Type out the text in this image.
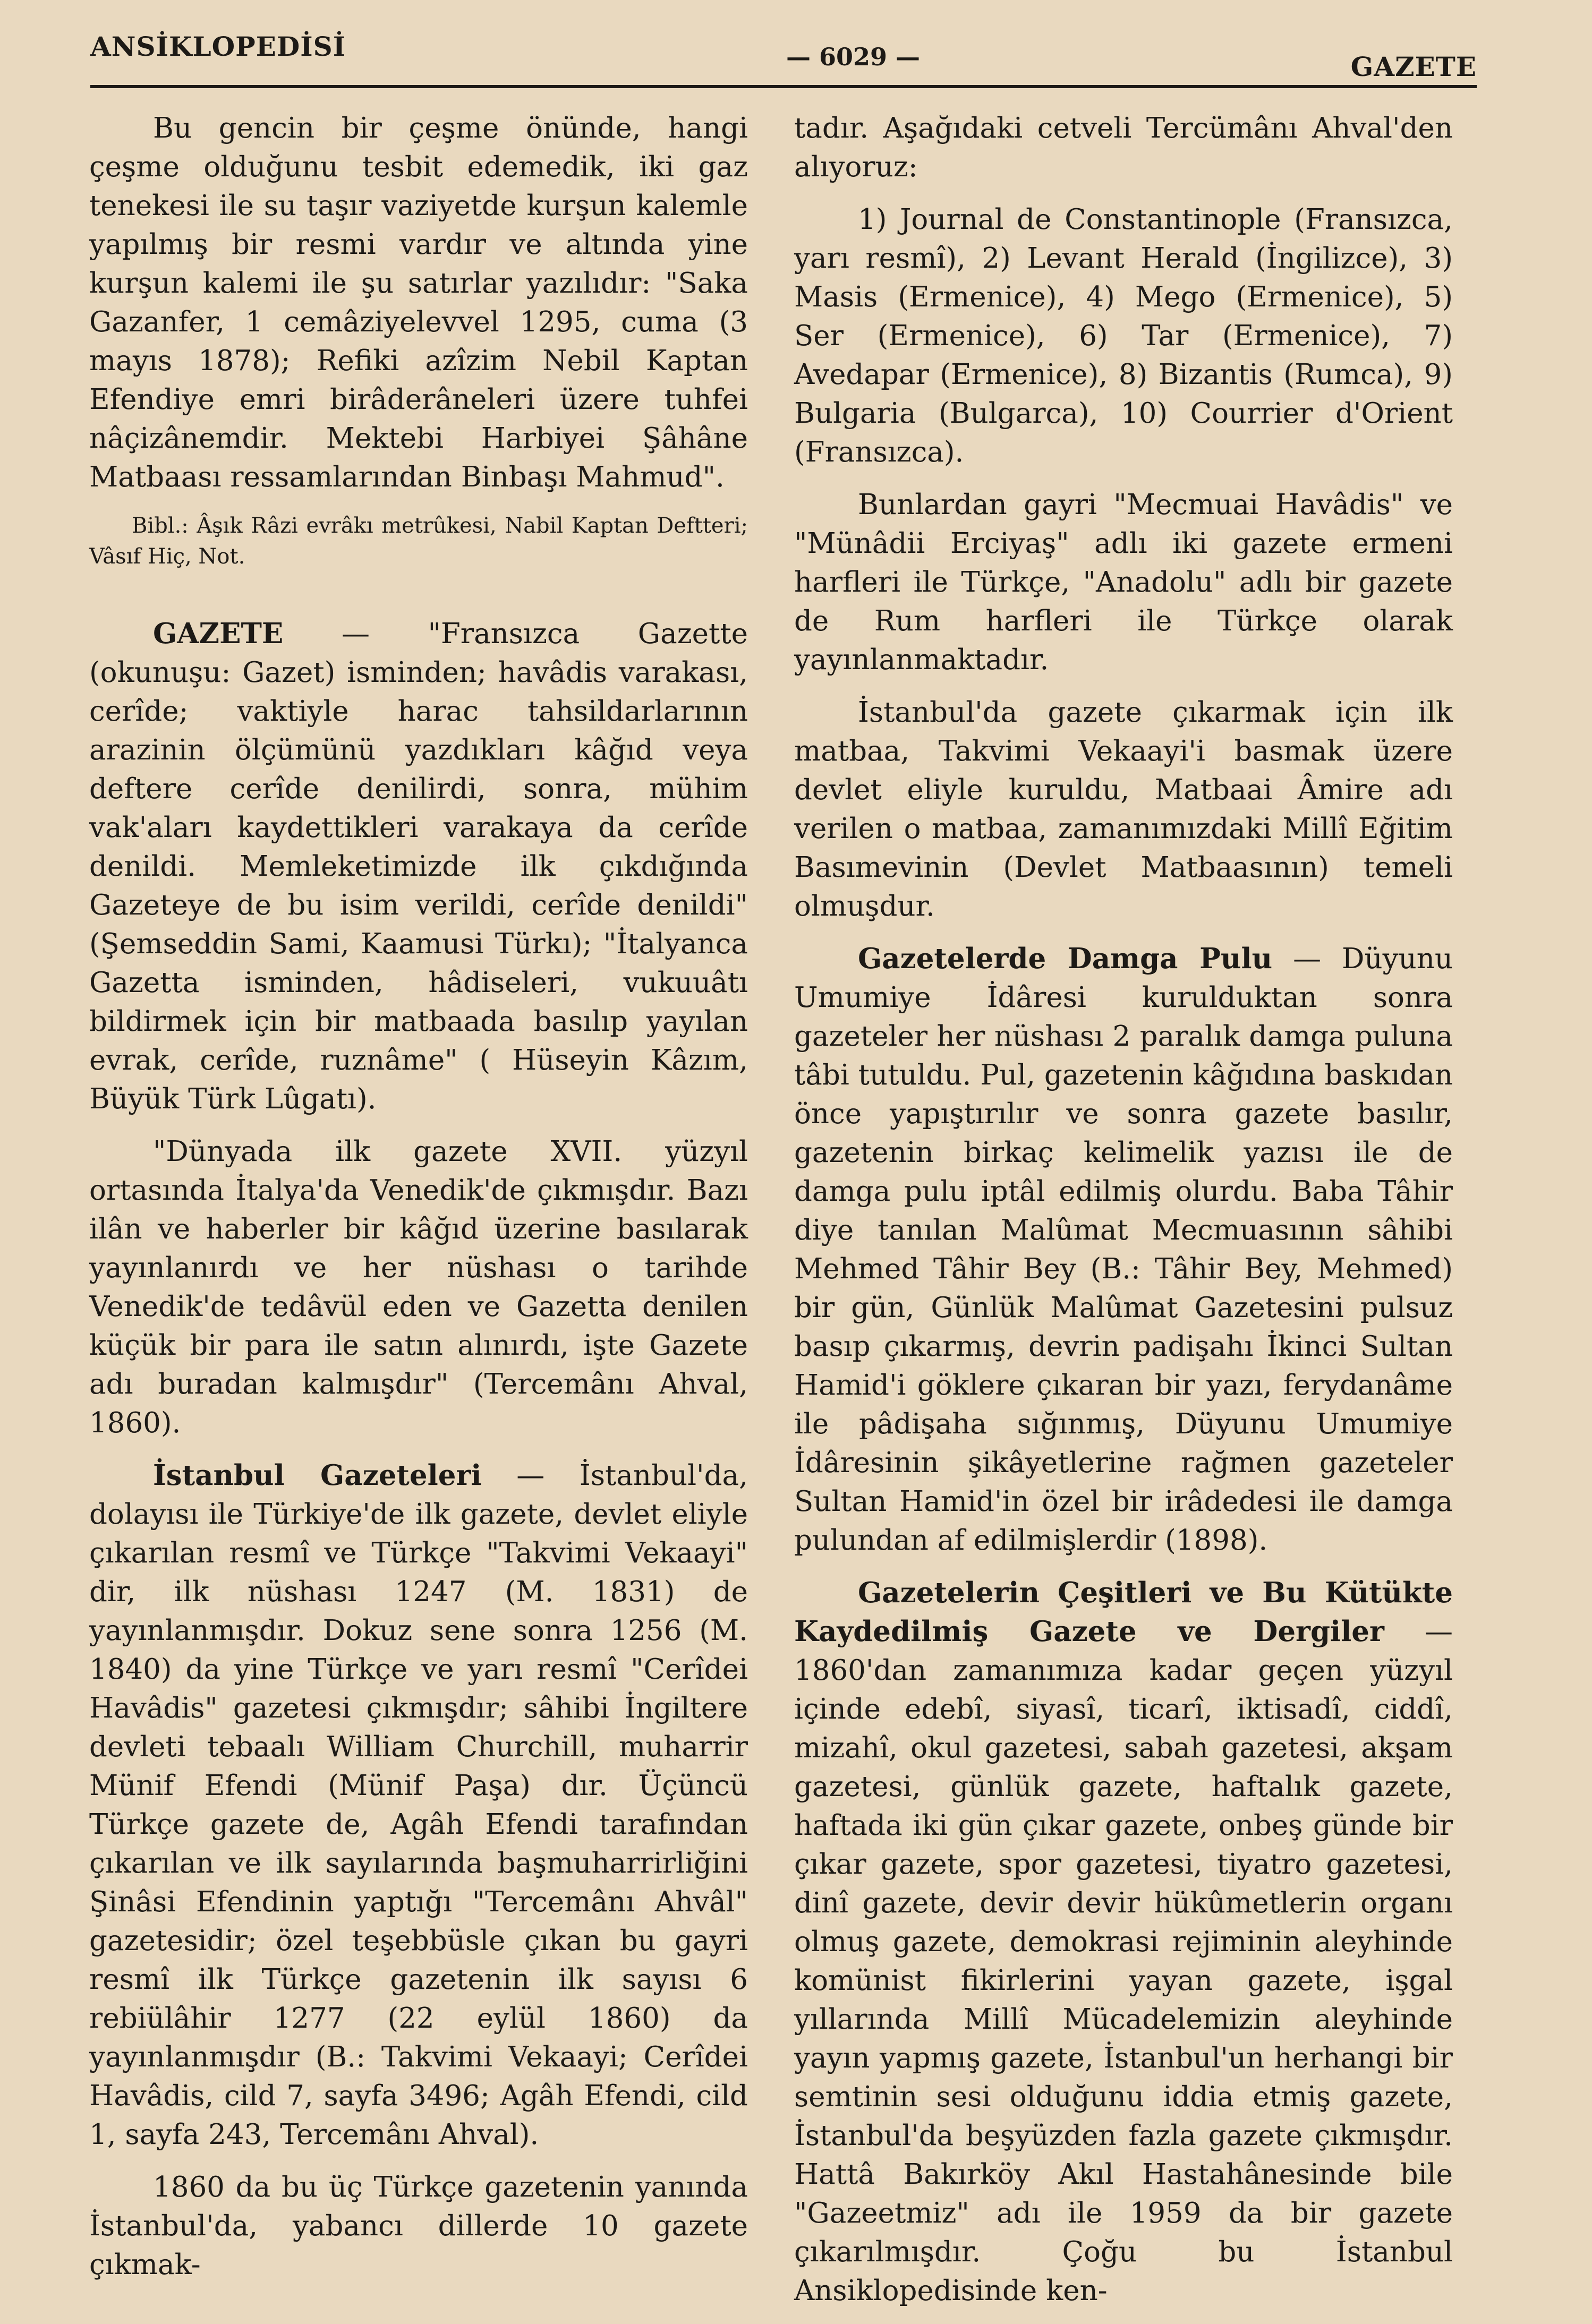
ANSİKLOPEDİSİ	— 6029 —	GAZETE

Bu gencin bir çeşme önünde, hangi çeşme olduğunu tesbit edemedik, iki gaz tenekesi ile su taşır vaziyetde kurşun kalemle yapılmış bir resmi vardır ve altında yine kurşun kalemi ile şu satırlar yazılıdır: "Saka Gazanfer, 1 cemâziyelevvel 1295, cuma (3 mayıs 1878); Refiki azîzim Nebil Kaptan Efendiye emri birâderâneleri üzere tuhfei nâçizânemdir. Mektebi Harbiyei Şâhâne Matbaası ressamlarından Binbaşı Mahmud".

Bibl.: Âşık Râzi evrâkı metrûkesi, Nabil Kaptan Deftteri; Vâsıf Hiç, Not.

GAZETE — "Fransızca Gazette (okunuşu: Gazet) isminden; havâdis varakası, cerîde; vaktiyle harac tahsildarlarının arazinin ölçümünü yazdıkları kâğıd veya deftere cerîde denilirdi, sonra, mühim vak'aları kaydettikleri varakaya da cerîde denildi. Memleketimizde ilk çıkdığında Gazeteye de bu isim verildi, cerîde denildi" (Şemseddin Sami, Kaamusi Türkı); "İtalyanca Gazetta isminden, hâdiseleri, vukuuâtı bildirmek için bir matbaada basılıp yayılan evrak, cerîde, ruznâme" ( Hüseyin Kâzım, Büyük Türk Lûgatı).

"Dünyada ilk gazete XVII. yüzyıl ortasında İtalya'da Venedik'de çıkmışdır. Bazı ilân ve haberler bir kâğıd üzerine basılarak yayınlanırdı ve her nüshası o tarihde Venedik'de tedâvül eden ve Gazetta denilen küçük bir para ile satın alınırdı, işte Gazete adı buradan kalmışdır" (Tercemânı Ahval, 1860).

İstanbul Gazeteleri — İstanbul'da, dolayısı ile Türkiye'de ilk gazete, devlet eliyle çıkarılan resmî ve Türkçe "Takvimi Vekaayi" dir, ilk nüshası 1247 (M. 1831) de yayınlanmışdır. Dokuz sene sonra 1256 (M. 1840) da yine Türkçe ve yarı resmî "Cerîdei Havâdis" gazetesi çıkmışdır; sâhibi İngiltere devleti tebaalı William Churchill, muharrir Münif Efendi (Münif Paşa) dır. Üçüncü Türkçe gazete de, Agâh Efendi tarafından çıkarılan ve ilk sayılarında başmuharrirliğini Şinâsi Efendinin yaptığı "Tercemânı Ahvâl" gazetesidir; özel teşebbüsle çıkan bu gayri resmî ilk Türkçe gazetenin ilk sayısı 6 rebiülâhir 1277 (22 eylül 1860) da yayınlanmışdır (B.: Takvimi Vekaayi; Cerîdei Havâdis, cild 7, sayfa 3496; Agâh Efendi, cild 1, sayfa 243, Tercemânı Ahval).

1860 da bu üç Türkçe gazetenin yanında İstanbul'da, yabancı dillerde 10 gazete çıkmak-

tadır. Aşağıdaki cetveli Tercümânı Ahval'den alıyoruz:

1) Journal de Constantinople (Fransızca, yarı resmî), 2) Levant Herald (İngilizce), 3) Masis (Ermenice), 4) Mego (Ermenice), 5) Ser (Ermenice), 6) Tar (Ermenice), 7) Avedapar (Ermenice), 8) Bizantis (Rumca), 9) Bulgaria (Bulgarca), 10) Courrier d'Orient (Fransızca).

Bunlardan gayri "Mecmuai Havâdis" ve "Münâdii Erciyaş" adlı iki gazete ermeni harfleri ile Türkçe, "Anadolu" adlı bir gazete de Rum harfleri ile Türkçe olarak yayınlanmaktadır.

İstanbul'da gazete çıkarmak için ilk matbaa, Takvimi Vekaayi'i basmak üzere devlet eliyle kuruldu, Matbaai Âmire adı verilen o matbaa, zamanımızdaki Millî Eğitim Basımevinin (Devlet Matbaasının) temeli olmuşdur.

Gazetelerde Damga Pulu — Düyunu Umumiye İdâresi kurulduktan sonra gazeteler her nüshası 2 paralık damga puluna tâbi tutuldu. Pul, gazetenin kâğıdına baskıdan önce yapıştırılır ve sonra gazete basılır, gazetenin birkaç kelimelik yazısı ile de damga pulu iptâl edilmiş olurdu. Baba Tâhir diye tanılan Malûmat Mecmuasının sâhibi Mehmed Tâhir Bey (B.: Tâhir Bey, Mehmed) bir gün, Günlük Malûmat Gazetesini pulsuz basıp çıkarmış, devrin padişahı İkinci Sultan Hamid'i göklere çıkaran bir yazı, ferydanâme ile pâdişaha sığınmış, Düyunu Umumiye İdâresinin şikâyetlerine rağmen gazeteler Sultan Hamid'in özel bir irâdedesi ile damga pulundan af edilmişlerdir (1898).

Gazetelerin Çeşitleri ve Bu Kütükte Kaydedilmiş Gazete ve Dergiler — 1860'dan zamanımıza kadar geçen yüzyıl içinde edebî, siyasî, ticarî, iktisadî, ciddî, mizahî, okul gazetesi, sabah gazetesi, akşam gazetesi, günlük gazete, haftalık gazete, haftada iki gün çıkar gazete, onbeş günde bir çıkar gazete, spor gazetesi, tiyatro gazetesi, dinî gazete, devir devir hükûmetlerin organı olmuş gazete, demokrasi rejiminin aleyhinde komünist fikirlerini yayan gazete, işgal yıllarında Millî Mücadelemizin aleyhinde yayın yapmış gazete, İstanbul'un herhangi bir semtinin sesi olduğunu iddia etmiş gazete, İstanbul'da beşyüzden fazla gazete çıkmışdır. Hattâ Bakırköy Akıl Hastahânesinde bile "Gazeetmiz" adı ile 1959 da bir gazete çıkarılmışdır. Çoğu bu İstanbul Ansiklopedisinde ken-
